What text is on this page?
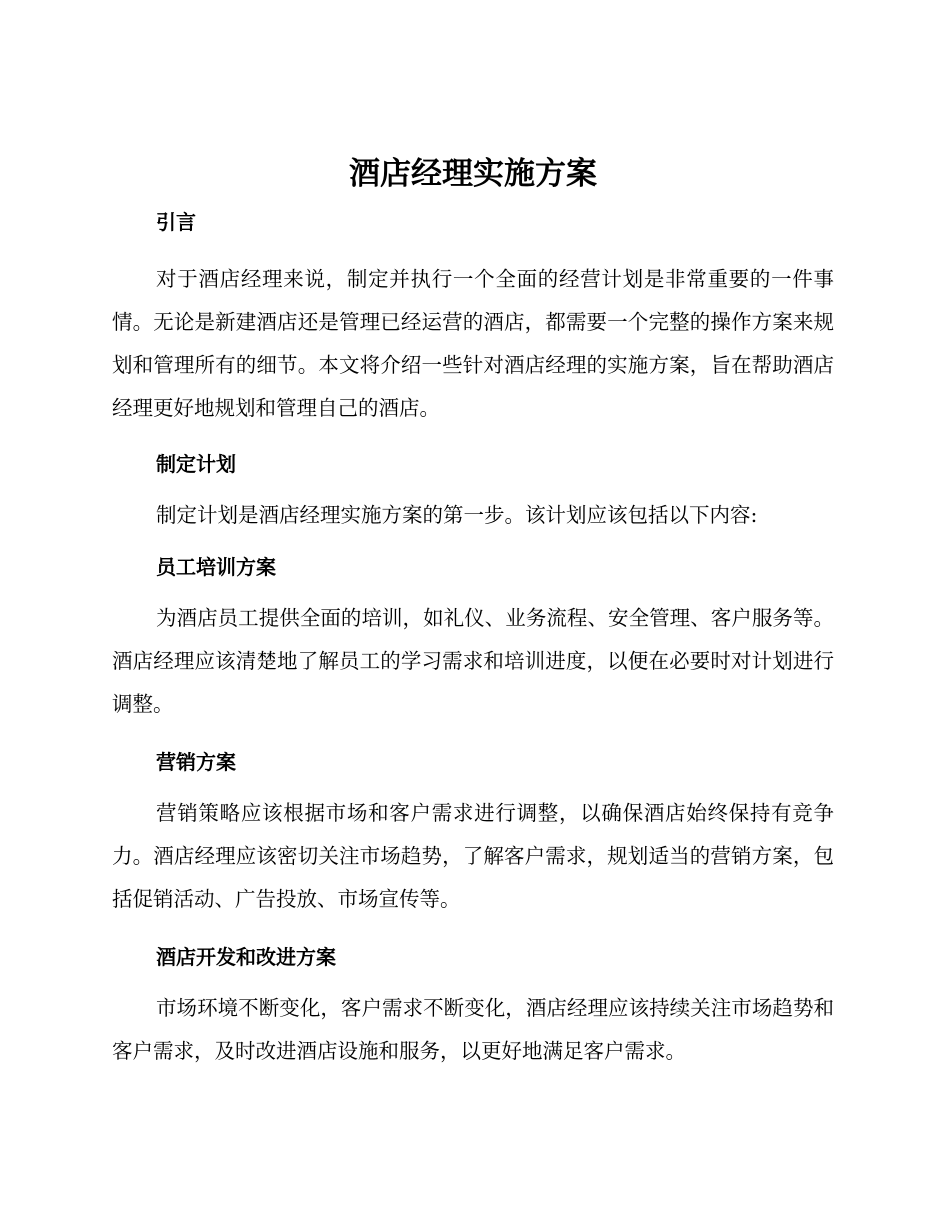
酒店经理实施方案
引言

对于酒店经理来说，制定并执行一个全面的经营计划是非常重要的一件事情。无论是新建酒店还是管理已经运营的酒店，都需要一个完整的操作方案来规划和管理所有的细节。本文将介绍一些针对酒店经理的实施方案，旨在帮助酒店经理更好地规划和管理自己的酒店。

制定计划

制定计划是酒店经理实施方案的第一步。该计划应该包括以下内容:

员工培训方案

为酒店员工提供全面的培训，如礼仪、业务流程、安全管理、客户服务等。酒店经理应该清楚地了解员工的学习需求和培训进度，以便在必要时对计划进行调整。

营销方案

营销策略应该根据市场和客户需求进行调整，以确保酒店始终保持有竞争力。酒店经理应该密切关注市场趋势，了解客户需求，规划适当的营销方案，包括促销活动、广告投放、市场宣传等。

酒店开发和改进方案

市场环境不断变化，客户需求不断变化，酒店经理应该持续关注市场趋势和客户需求，及时改进酒店设施和服务，以更好地满足客户需求。
